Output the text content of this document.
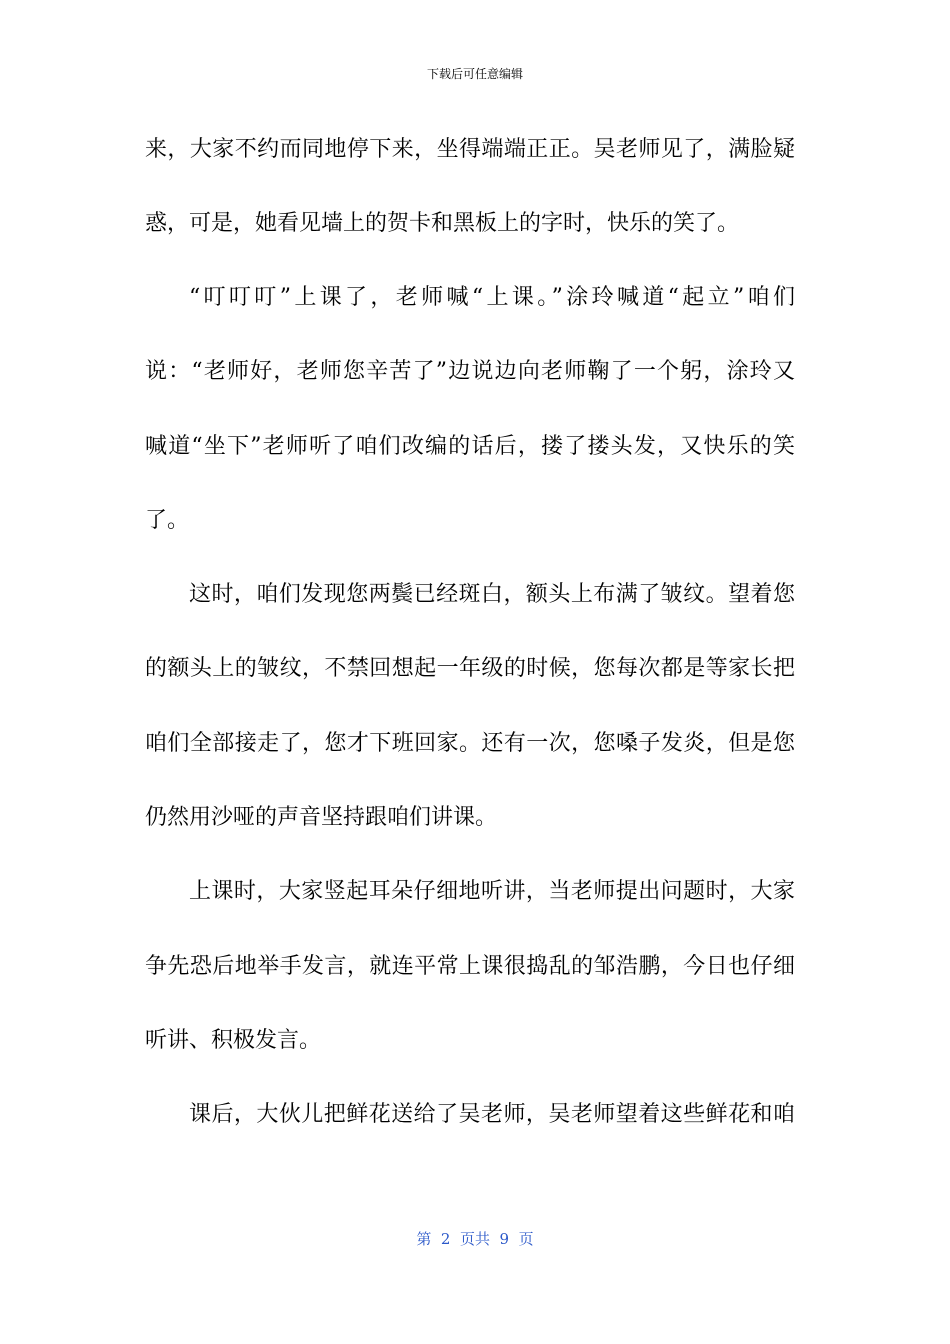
下载后可任意编辑
来，大家不约而同地停下来，坐得端端正正。吴老师见了，满脸疑
惑，可是，她看见墙上的贺卡和黑板上的字时，快乐的笑了。
“叮叮叮”上课了，老师喊“上课。”涂玲喊道“起立”咱们
说：“老师好，老师您辛苦了”边说边向老师鞠了一个躬，涂玲又
喊道“坐下”老师听了咱们改编的话后，搂了搂头发，又快乐的笑
了。
这时，咱们发现您两鬓已经斑白，额头上布满了皱纹。望着您
的额头上的皱纹，不禁回想起一年级的时候，您每次都是等家长把
咱们全部接走了，您才下班回家。还有一次，您嗓子发炎，但是您
仍然用沙哑的声音坚持跟咱们讲课。
上课时，大家竖起耳朵仔细地听讲，当老师提出问题时，大家
争先恐后地举手发言，就连平常上课很捣乱的邹浩鹏，今日也仔细
听讲、积极发言。
课后，大伙儿把鲜花送给了吴老师，吴老师望着这些鲜花和咱
第  2  页共  9  页
